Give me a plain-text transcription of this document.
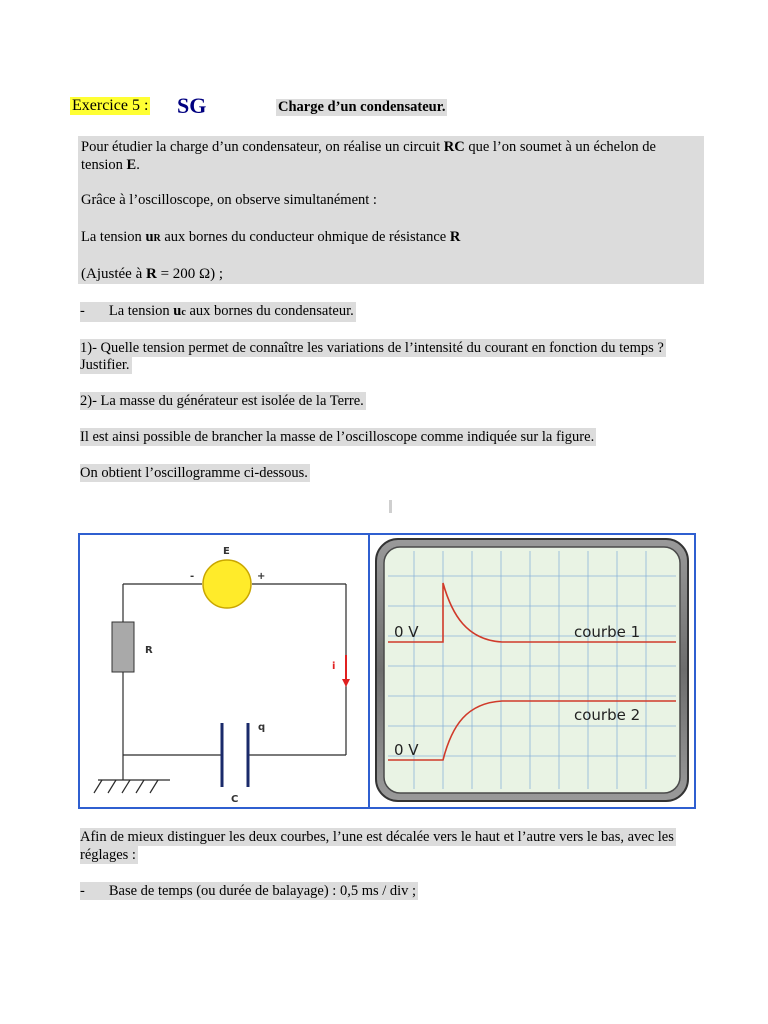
Exercice 5 : SG	Charge d’un condensateur.
Pour étudier la charge d’un condensateur, on réalise un circuit RC que l’on soumet à un échelon de
tension E.
Grâce à l’oscilloscope, on observe simultanément :
La tension uR aux bornes du conducteur ohmique de résistance R
(Ajustée à R = 200 Ω) ;
- La tension uc aux bornes du condensateur.
1)- Quelle tension permet de connaître les variations de l’intensité du courant en fonction du temps ?
Justifier.
2)- La masse du générateur est isolée de la Terre.
Il est ainsi possible de brancher la masse de l’oscilloscope comme indiquée sur la figure.
On obtient l’oscillogramme ci-dessous.
E
-	+
R
i
q
C
0 V
0 V
courbe 1
courbe 2
Afin de mieux distinguer les deux courbes, l’une est décalée vers le haut et l’autre vers le bas, avec les
réglages :
- Base de temps (ou durée de balayage) : 0,5 ms / div ;
